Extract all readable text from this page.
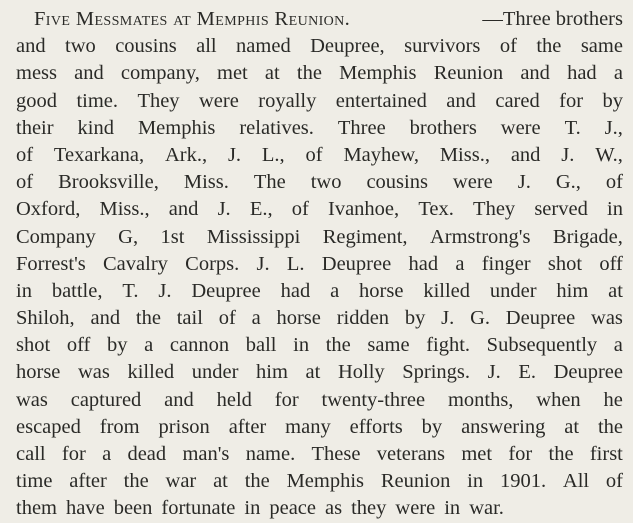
Five Messmates at Memphis Reunion.	—Three brothers
and two cousins all named Deupree, survivors of the same
mess and company, met at the Memphis Reunion and had a
good time. They were royally entertained and cared for by
their kind Memphis relatives. Three brothers were T. J.,
of Texarkana, Ark., J. L., of Mayhew, Miss., and J. W.,
of Brooksville, Miss. The two cousins were J. G., of
Oxford, Miss., and J. E., of Ivanhoe, Tex. They served in
Company G, 1st Mississippi Regiment, Armstrong's Brigade,
Forrest's Cavalry Corps. J. L. Deupree had a finger shot off
in battle, T. J. Deupree had a horse killed under him at
Shiloh, and the tail of a horse ridden by J. G. Deupree was
shot off by a cannon ball in the same fight. Subsequently a
horse was killed under him at Holly Springs. J. E. Deupree
was captured and held for twenty-three months, when he
escaped from prison after many efforts by answering at the
call for a dead man's name. These veterans met for the first
time after the war at the Memphis Reunion in 1901. All of
them have been fortunate in peace as they were in war.
